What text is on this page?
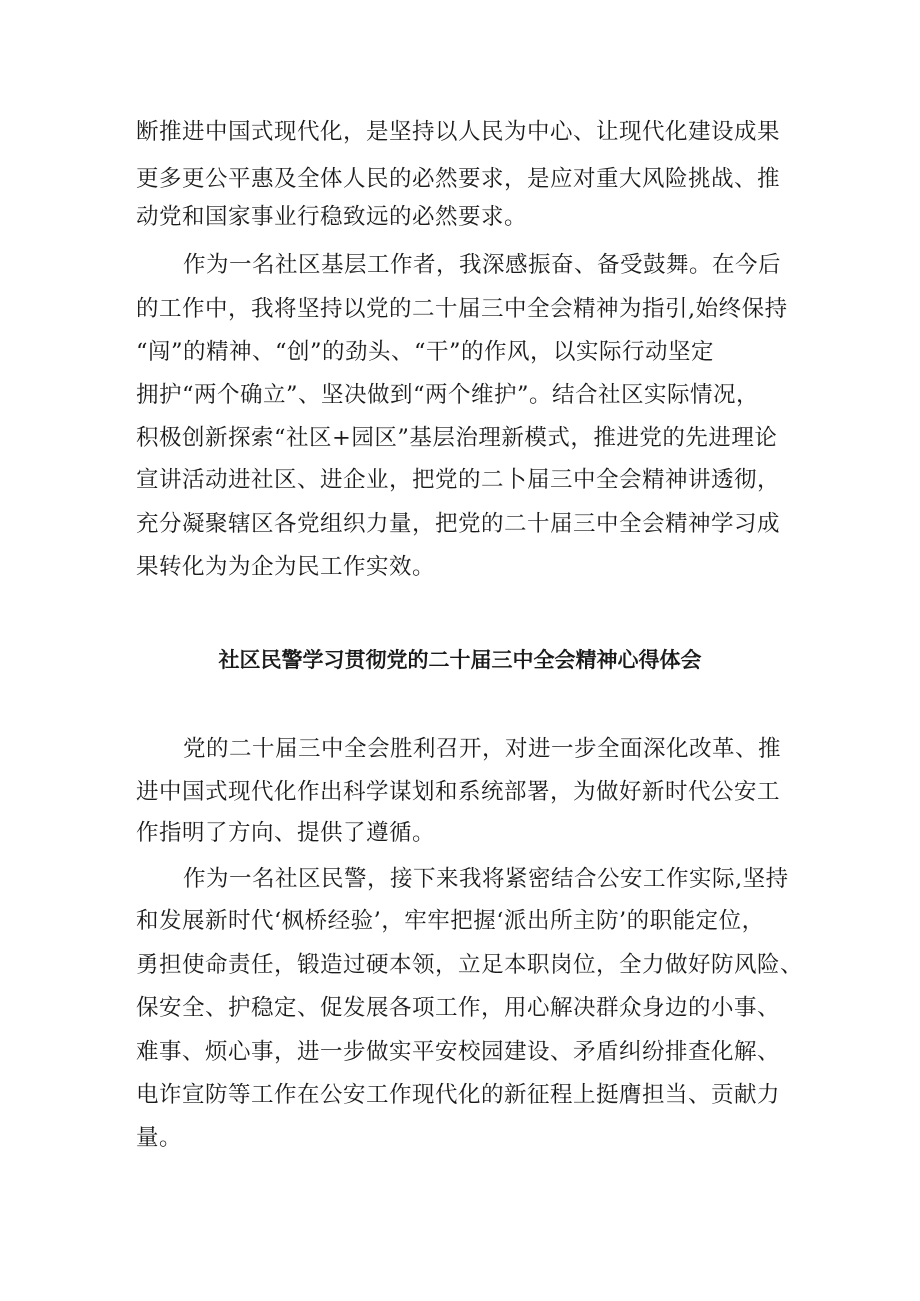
断推进中国式现代化，是坚持以人民为中心、让现代化建设成果
更多更公平惠及全体人民的必然要求，是应对重大风险挑战、推
动党和国家事业行稳致远的必然要求。
作为一名社区基层工作者，我深感振奋、备受鼓舞。在今后
的工作中，我将坚持以党的二十届三中全会精神为指引,始终保持
“闯”的精神、“创”的劲头、“干”的作风，以实际行动坚定
拥护“两个确立”、坚决做到“两个维护”。结合社区实际情况，
积极创新探索“社区+园区”基层治理新模式，推进党的先进理论
宣讲活动进社区、进企业，把党的二卜届三中全会精神讲透彻，
充分凝聚辖区各党组织力量，把党的二十届三中全会精神学习成
果转化为为企为民工作实效。
社区民警学习贯彻党的二十届三中全会精神心得体会
党的二十届三中全会胜利召开，对进一步全面深化改革、推
进中国式现代化作出科学谋划和系统部署，为做好新时代公安工
作指明了方向、提供了遵循。
作为一名社区民警，接下来我将紧密结合公安工作实际,坚持
和发展新时代‘枫桥经验’，牢牢把握‘派出所主防’的职能定位，
勇担使命责任，锻造过硬本领，立足本职岗位，全力做好防风险、
保安全、护稳定、促发展各项工作，用心解决群众身边的小事、
难事、烦心事，进一步做实平安校园建设、矛盾纠纷排查化解、
电诈宣防等工作在公安工作现代化的新征程上挺膺担当、贡献力
量。
